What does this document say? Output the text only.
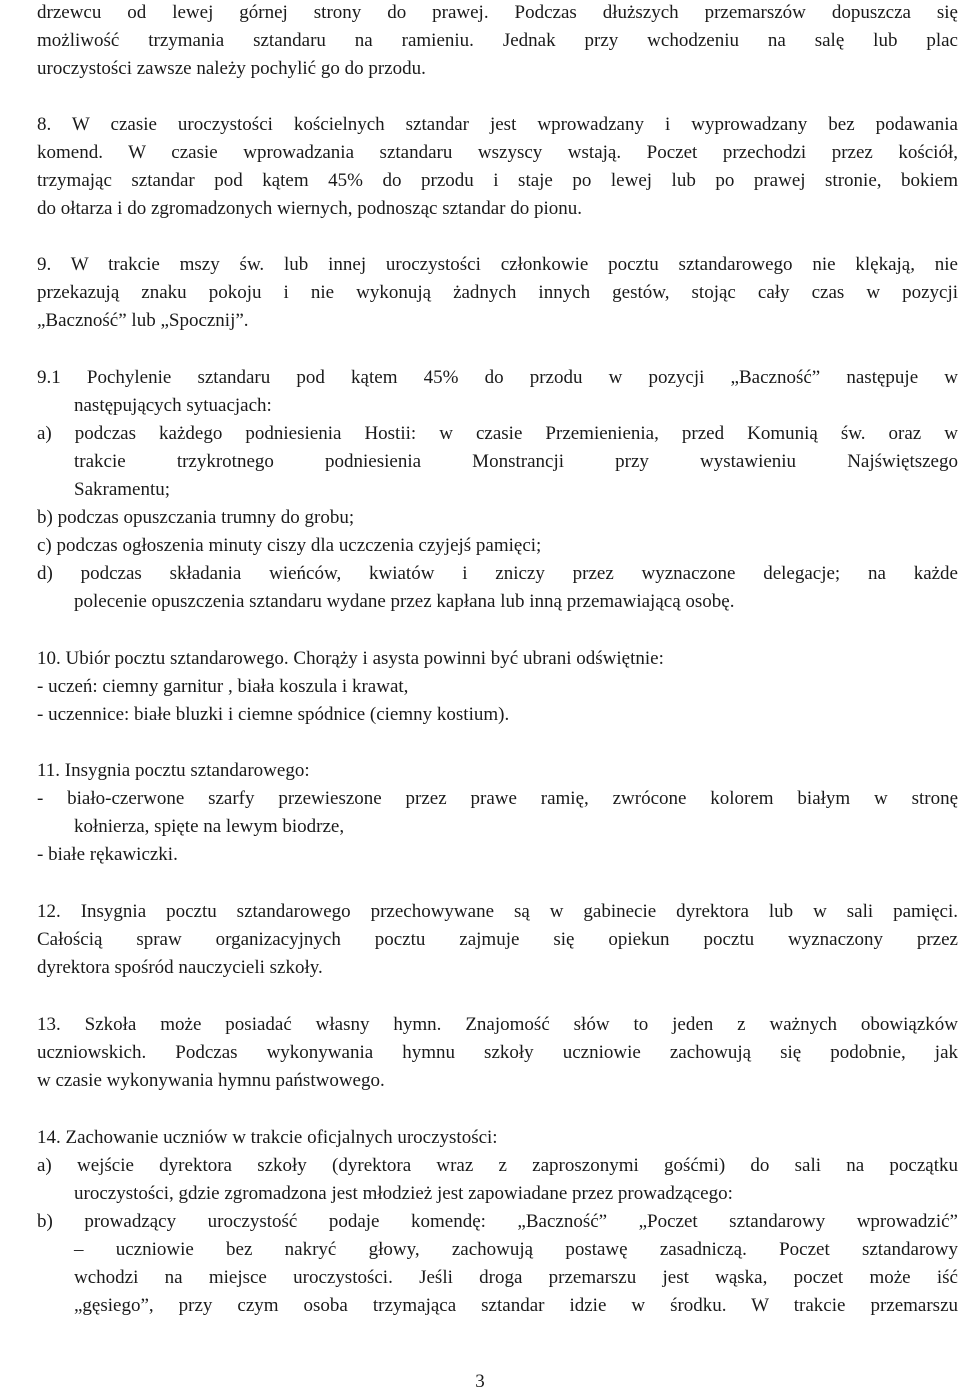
drzewcu od lewej górnej strony do prawej. Podczas dłuższych przemarszów dopuszcza się
możliwość trzymania sztandaru na ramieniu. Jednak przy wchodzeniu na salę lub plac
uroczystości zawsze należy pochylić go do przodu.
8. W czasie uroczystości kościelnych sztandar jest wprowadzany i wyprowadzany bez podawania
komend. W czasie wprowadzania sztandaru wszyscy wstają. Poczet przechodzi przez kościół,
trzymając sztandar pod kątem 45% do przodu i staje po lewej lub po prawej stronie, bokiem
do ołtarza i do zgromadzonych wiernych, podnosząc sztandar do pionu.
9. W trakcie mszy św. lub innej uroczystości członkowie pocztu sztandarowego nie klękają, nie
przekazują znaku pokoju i nie wykonują żadnych innych gestów, stojąc cały czas w pozycji
„Baczność” lub „Spocznij”.
9.1 Pochylenie sztandaru pod kątem 45% do przodu w pozycji „Baczność” następuje w
następujących sytuacjach:
a) podczas każdego podniesienia Hostii: w czasie Przemienienia, przed Komunią św. oraz w
trakcie trzykrotnego podniesienia Monstrancji przy wystawieniu Najświętszego
Sakramentu;
b) podczas opuszczania trumny do grobu;
c) podczas ogłoszenia minuty ciszy dla uczczenia czyjejś pamięci;
d) podczas składania wieńców, kwiatów i zniczy przez wyznaczone delegacje; na każde
polecenie opuszczenia sztandaru wydane przez kapłana lub inną przemawiającą osobę.
10. Ubiór pocztu sztandarowego. Chorąży i asysta powinni być ubrani odświętnie:
- uczeń: ciemny garnitur , biała koszula i krawat,
- uczennice: białe bluzki i ciemne spódnice (ciemny kostium).
11. Insygnia pocztu sztandarowego:
- biało-czerwone szarfy przewieszone przez prawe ramię, zwrócone kolorem białym w stronę
kołnierza, spięte na lewym biodrze,
- białe rękawiczki.
12. Insygnia pocztu sztandarowego przechowywane są w gabinecie dyrektora lub w sali pamięci.
Całością spraw organizacyjnych pocztu zajmuje się opiekun pocztu wyznaczony przez
dyrektora spośród nauczycieli szkoły.
13. Szkoła może posiadać własny hymn. Znajomość słów to jeden z ważnych obowiązków
uczniowskich. Podczas wykonywania hymnu szkoły uczniowie zachowują się podobnie, jak
w czasie wykonywania hymnu państwowego.
14. Zachowanie uczniów w trakcie oficjalnych uroczystości:
a) wejście dyrektora szkoły (dyrektora wraz z zaproszonymi gośćmi) do sali na początku
uroczystości, gdzie zgromadzona jest młodzież jest zapowiadane przez prowadzącego:
b) prowadzący uroczystość podaje komendę: „Baczność” „Poczet sztandarowy wprowadzić”
– uczniowie bez nakryć głowy, zachowują postawę zasadniczą. Poczet sztandarowy
wchodzi na miejsce uroczystości. Jeśli droga przemarszu jest wąska, poczet może iść
„gęsiego”, przy czym osoba trzymająca sztandar idzie w środku. W trakcie przemarszu
3
